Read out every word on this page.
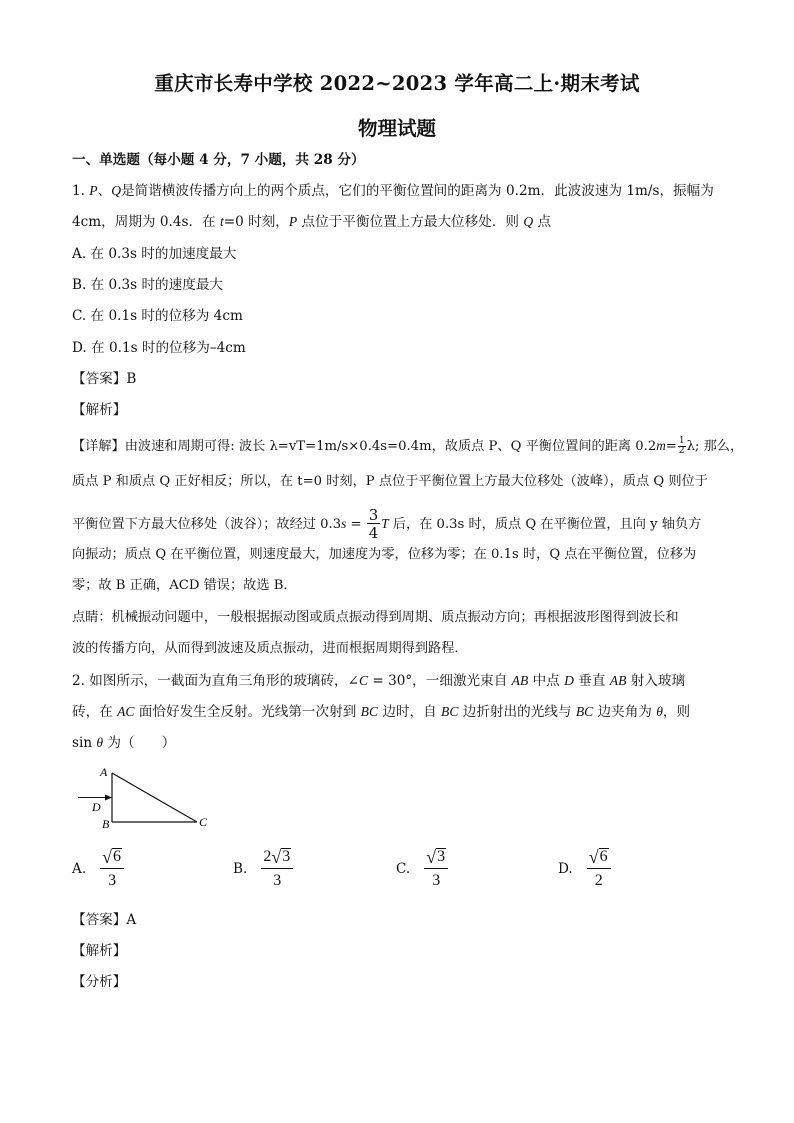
重庆市长寿中学校 2022~2023 学年高二上·期末考试
物理试题
一、单选题（每小题 4 分，7 小题，共 28 分）
1. P、Q是简谐横波传播方向上的两个质点，它们的平衡位置间的距离为 0.2m．此波波速为 1m/s，振幅为
4cm，周期为 0.4s．在 t=0 时刻，P 点位于平衡位置上方最大位移处．则 Q 点
A. 在 0.3s 时的加速度最大
B. 在 0.3s 时的速度最大
C. 在 0.1s 时的位移为 4cm
D. 在 0.1s 时的位移为–4cm
【答案】B
【解析】
【详解】由波速和周期可得: 波长 λ=vT=1m/s×0.4s=0.4m，故质点 P、Q 平衡位置间的距离 $0.2m= \frac{1}{2} \lambda$; 那么，
质点 P 和质点 Q 正好相反；所以，在 t=0 时刻，P 点位于平衡位置上方最大位移处（波峰），质点 Q 则位于
平衡位置下方最大位移处（波谷）；故经过 $0.3s = \frac{3}{4}$ T 后，在 0.3s 时，质点 Q 在平衡位置，且向 y 轴负方
向振动；质点 Q 在平衡位置，则速度最大，加速度为零，位移为零；在 0.1s 时，Q 点在平衡位置，位移为
零；故 B 正确，ACD 错误；故选 B．
点睛：机械振动问题中，一般根据振动图或质点振动得到周期、质点振动方向；再根据波形图得到波长和
波的传播方向，从而得到波速及质点振动，进而根据周期得到路程．
2. 如图所示，一截面为直角三角形的玻璃砖，∠C = 30°，一细激光束自 AB 中点 D 垂直 AB 射入玻璃
砖，在 AC 面恰好发生全反射。光线第一次射到 BC 边时，自 BC 边折射出的光线与 BC 边夹角为 θ，则
sin θ 为（　　）
A
D
B	C
A.
√ 6
3
B.
2 √ 3
3
C.
√ 3
3
D.
√ 6
2
【答案】A
【解析】
【分析】
